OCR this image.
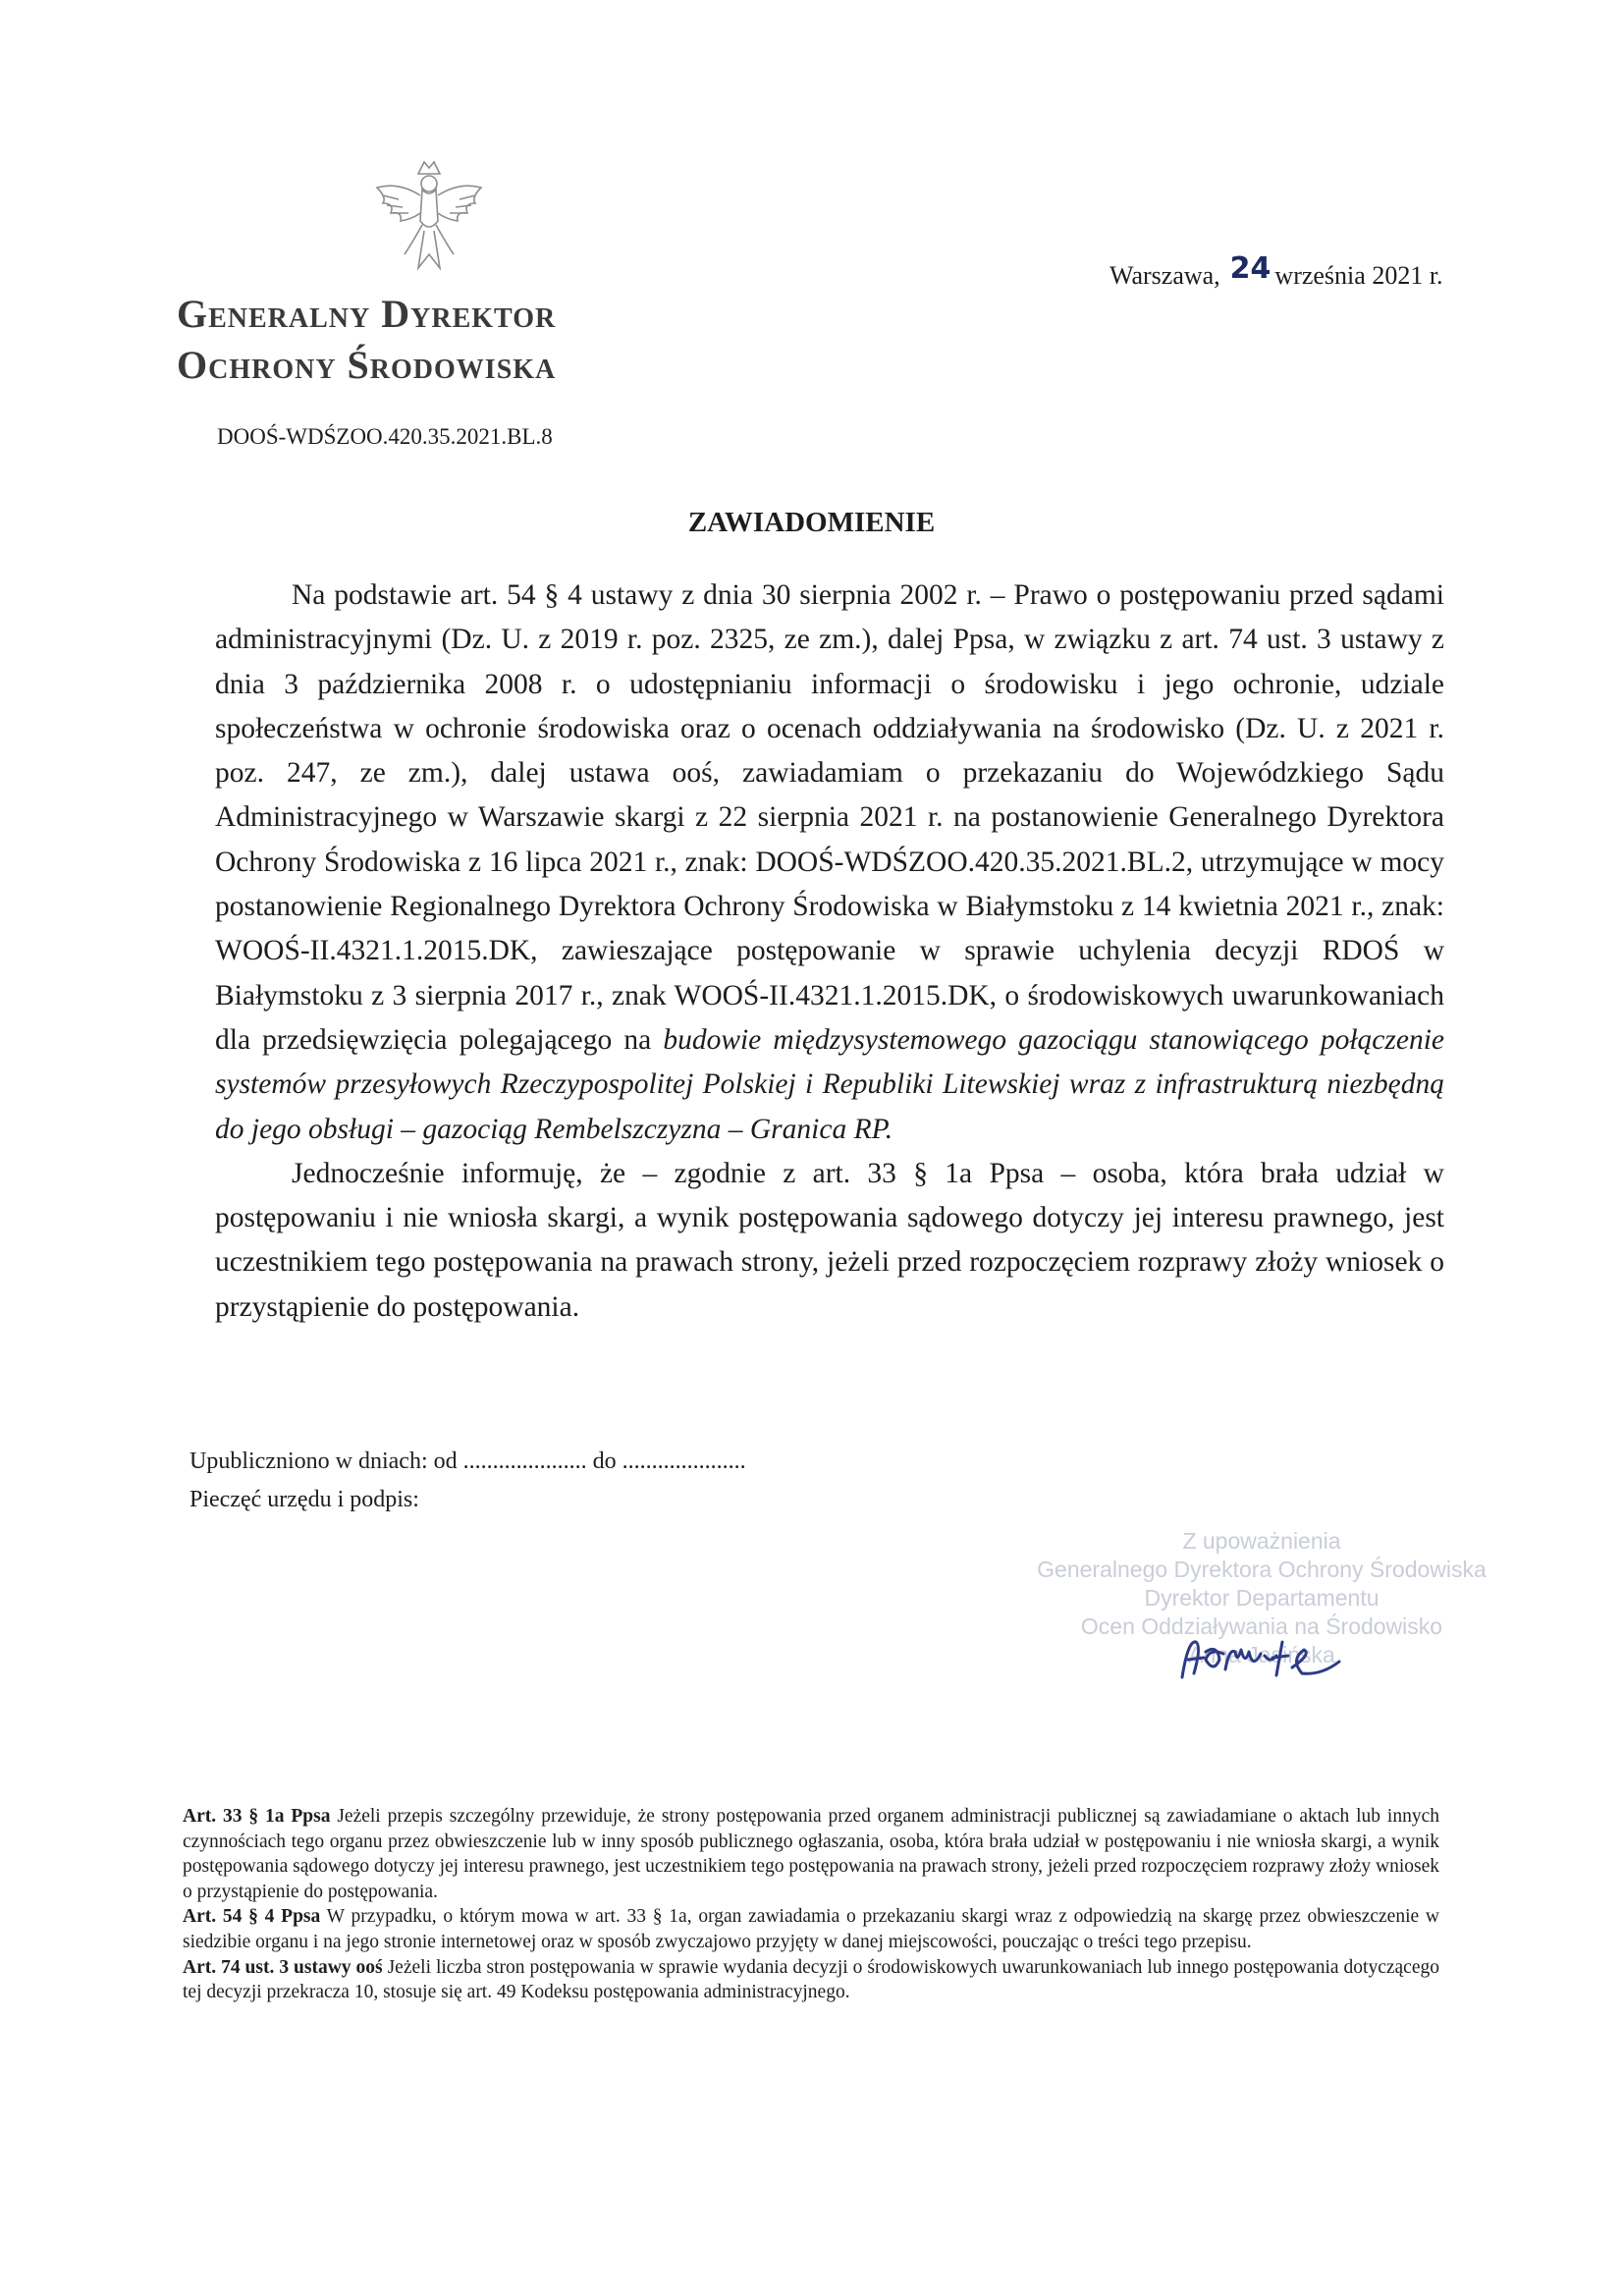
Warszawa, 24 września 2021 r.
Generalny Dyrektor
Ochrony Środowiska
DOOŚ-WDŚZOO.420.35.2021.BL.8
ZAWIADOMIENIE

Na podstawie art. 54 § 4 ustawy z dnia 30 sierpnia 2002 r. – Prawo o postępowaniu przed sądami administracyjnymi (Dz. U. z 2019 r. poz. 2325, ze zm.), dalej Ppsa, w związku z art. 74 ust. 3 ustawy z dnia 3 października 2008 r. o udostępnianiu informacji o środowisku i jego ochronie, udziale społeczeństwa w ochronie środowiska oraz o ocenach oddziaływania na środowisko (Dz. U. z 2021 r. poz. 247, ze zm.), dalej ustawa ooś, zawiadamiam o przekazaniu do Wojewódzkiego Sądu Administracyjnego w Warszawie skargi z 22 sierpnia 2021 r. na postanowienie Generalnego Dyrektora Ochrony Środowiska z 16 lipca 2021 r., znak: DOOŚ-WDŚZOO.420.35.2021.BL.2, utrzymujące w mocy postanowienie Regionalnego Dyrektora Ochrony Środowiska w Białymstoku z 14 kwietnia 2021 r., znak: WOOŚ-II.4321.1.2015.DK, zawieszające postępowanie w sprawie uchylenia decyzji RDOŚ w Białymstoku z 3 sierpnia 2017 r., znak WOOŚ-II.4321.1.2015.DK, o środowiskowych uwarunkowaniach dla przedsięwzięcia polegającego na budowie międzysystemowego gazociągu stanowiącego połączenie systemów przesyłowych Rzeczypospolitej Polskiej i Republiki Litewskiej wraz z infrastrukturą niezbędną do jego obsługi – gazociąg Rembelszczyzna – Granica RP.

Jednocześnie informuję, że – zgodnie z art. 33 § 1a Ppsa – osoba, która brała udział w postępowaniu i nie wniosła skargi, a wynik postępowania sądowego dotyczy jej interesu prawnego, jest uczestnikiem tego postępowania na prawach strony, jeżeli przed rozpoczęciem rozprawy złoży wniosek o przystąpienie do postępowania.

Upubliczniono w dniach: od ..................... do .....................
Pieczęć urzędu i podpis:
Z upoważnienia
Generalnego Dyrektora Ochrony Środowiska
Dyrektor Departamentu
Ocen Oddziaływania na Środowisko
Anna Jasińska

Art. 33 § 1a Ppsa Jeżeli przepis szczególny przewiduje, że strony postępowania przed organem administracji publicznej są zawiadamiane o aktach lub innych czynnościach tego organu przez obwieszczenie lub w inny sposób publicznego ogłaszania, osoba, która brała udział w postępowaniu i nie wniosła skargi, a wynik postępowania sądowego dotyczy jej interesu prawnego, jest uczestnikiem tego postępowania na prawach strony, jeżeli przed rozpoczęciem rozprawy złoży wniosek o przystąpienie do postępowania.

Art. 54 § 4 Ppsa W przypadku, o którym mowa w art. 33 § 1a, organ zawiadamia o przekazaniu skargi wraz z odpowiedzią na skargę przez obwieszczenie w siedzibie organu i na jego stronie internetowej oraz w sposób zwyczajowo przyjęty w danej miejscowości, pouczając o treści tego przepisu.

Art. 74 ust. 3 ustawy ooś Jeżeli liczba stron postępowania w sprawie wydania decyzji o środowiskowych uwarunkowaniach lub innego postępowania dotyczącego tej decyzji przekracza 10, stosuje się art. 49 Kodeksu postępowania administracyjnego.
